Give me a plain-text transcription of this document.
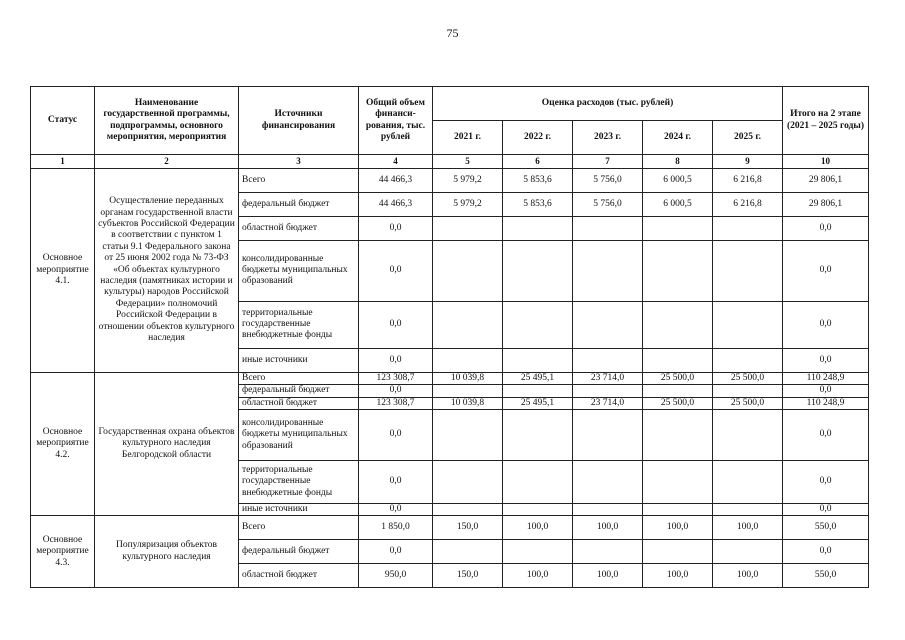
75
Статус	Наименование государственной программы, подпрограммы, основного мероприятия, мероприятия	Источники финансирования	Общий объем финанси-рования, тыс. рублей	Оценка расходов (тыс. рублей)					Итого на 2 этапе (2021 – 2025 годы)
				2021 г.	2022 г.	2023 г.	2024 г.	2025 г.	
1	2	3	4	5	6	7	8	9	10
Основное мероприятие 4.1.	Осуществление переданных органам государственной власти субъектов Российской Федерации в соответствии с пунктом 1 статьи 9.1 Федерального закона от 25 июня 2002 года № 73-ФЗ «Об объектах культурного наследия (памятниках истории и культуры) народов Российской Федерации» полномочий Российской Федерации в отношении объектов культурного наследия	Всего	44 466,3	5 979,2	5 853,6	5 756,0	6 000,5	6 216,8	29 806,1
		федеральный бюджет	44 466,3	5 979,2	5 853,6	5 756,0	6 000,5	6 216,8	29 806,1
		областной бюджет	0,0						0,0
		консолидированные бюджеты муниципальных образований	0,0						0,0
		территориальные государственные внебюджетные фонды	0,0						0,0
		иные источники	0,0						0,0
Основное мероприятие 4.2.	Государственная охрана объектов культурного наследия Белгородской области	Всего	123 308,7	10 039,8	25 495,1	23 714,0	25 500,0	25 500,0	110 248,9
		федеральный бюджет	0,0						0,0
		областной бюджет	123 308,7	10 039,8	25 495,1	23 714,0	25 500,0	25 500,0	110 248,9
		консолидированные бюджеты муниципальных образований	0,0						0,0
		территориальные государственные внебюджетные фонды	0,0						0,0
		иные источники	0,0						0,0
Основное мероприятие 4.3.	Популяризация объектов культурного наследия	Всего	1 850,0	150,0	100,0	100,0	100,0	100,0	550,0
		федеральный бюджет	0,0						0,0
		областной бюджет	950,0	150,0	100,0	100,0	100,0	100,0	550,0
